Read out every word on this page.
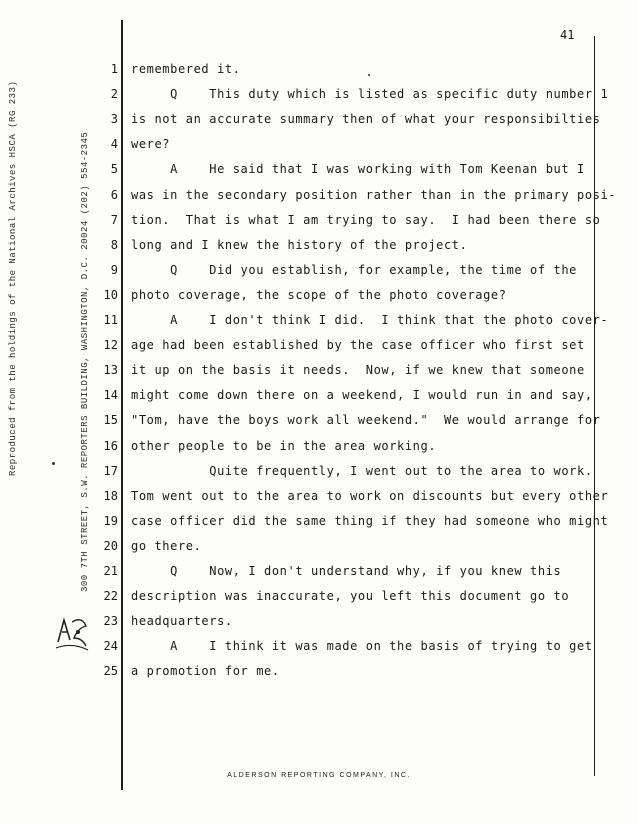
Reproduced from the holdings of the National Archives HSCA (RG 233)	300 7TH STREET, S.W. REPORTERS BUILDING, WASHINGTON, D.C. 20024 (202) 554-2345
41
1 remembered it.
2 Q    This duty which is listed as specific duty number 1
3 is not an accurate summary then of what your responsibilties
4 were?
5 A    He said that I was working with Tom Keenan but I
6 was in the secondary position rather than in the primary posi-
7 tion.  That is what I am trying to say.  I had been there so
8 long and I knew the history of the project.
9 Q    Did you establish, for example, the time of the
10 photo coverage, the scope of the photo coverage?
11 A    I don't think I did.  I think that the photo cover-
12 age had been established by the case officer who first set
13 it up on the basis it needs.  Now, if we knew that someone
14 might come down there on a weekend, I would run in and say,
15 "Tom, have the boys work all weekend."  We would arrange for
16 other people to be in the area working.
17 Quite frequently, I went out to the area to work.
18 Tom went out to the area to work on discounts but every other
19 case officer did the same thing if they had someone who might
20 go there.
21 Q    Now, I don't understand why, if you knew this
22 description was inaccurate, you left this document go to
23 headquarters.
24 A    I think it was made on the basis of trying to get
25 a promotion for me.
ALDERSON REPORTING COMPANY, INC.
